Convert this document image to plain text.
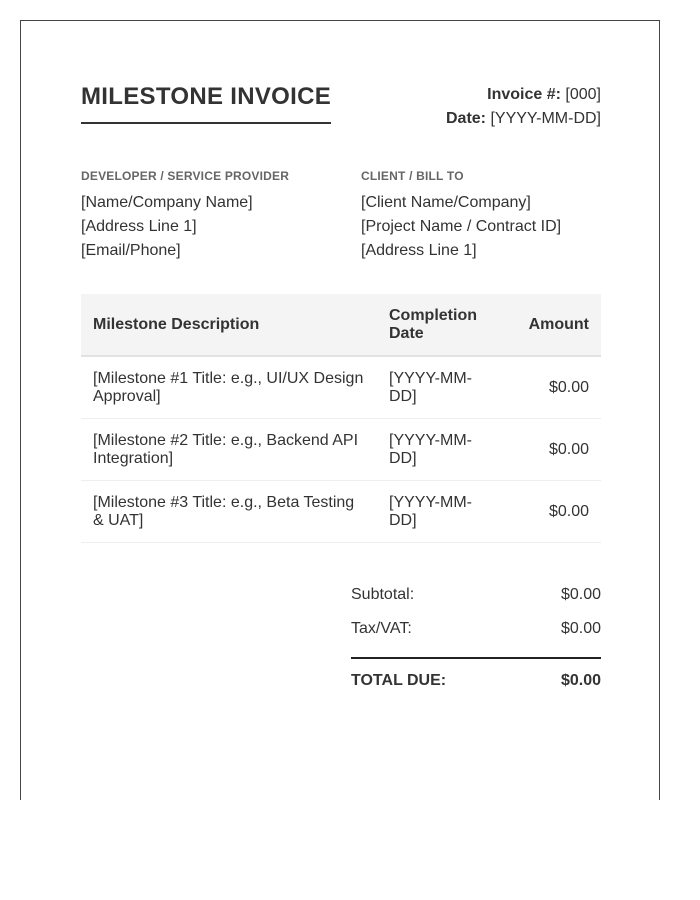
MILESTONE INVOICE	Invoice #: [000]
Date: [YYYY-MM-DD]
DEVELOPER / SERVICE PROVIDER
[Name/Company Name]
[Address Line 1]
[Email/Phone]
CLIENT / BILL TO
[Client Name/Company]
[Project Name / Contract ID]
[Address Line 1]
Milestone Description	Completion Date	Amount
[Milestone #1 Title: e.g., UI/UX Design Approval]	[YYYY-MM-DD]	$0.00
[Milestone #2 Title: e.g., Backend API Integration]	[YYYY-MM-DD]	$0.00
[Milestone #3 Title: e.g., Beta Testing & UAT]	[YYYY-MM-DD]	$0.00
Subtotal:	$0.00
Tax/VAT:	$0.00
TOTAL DUE:	$0.00
